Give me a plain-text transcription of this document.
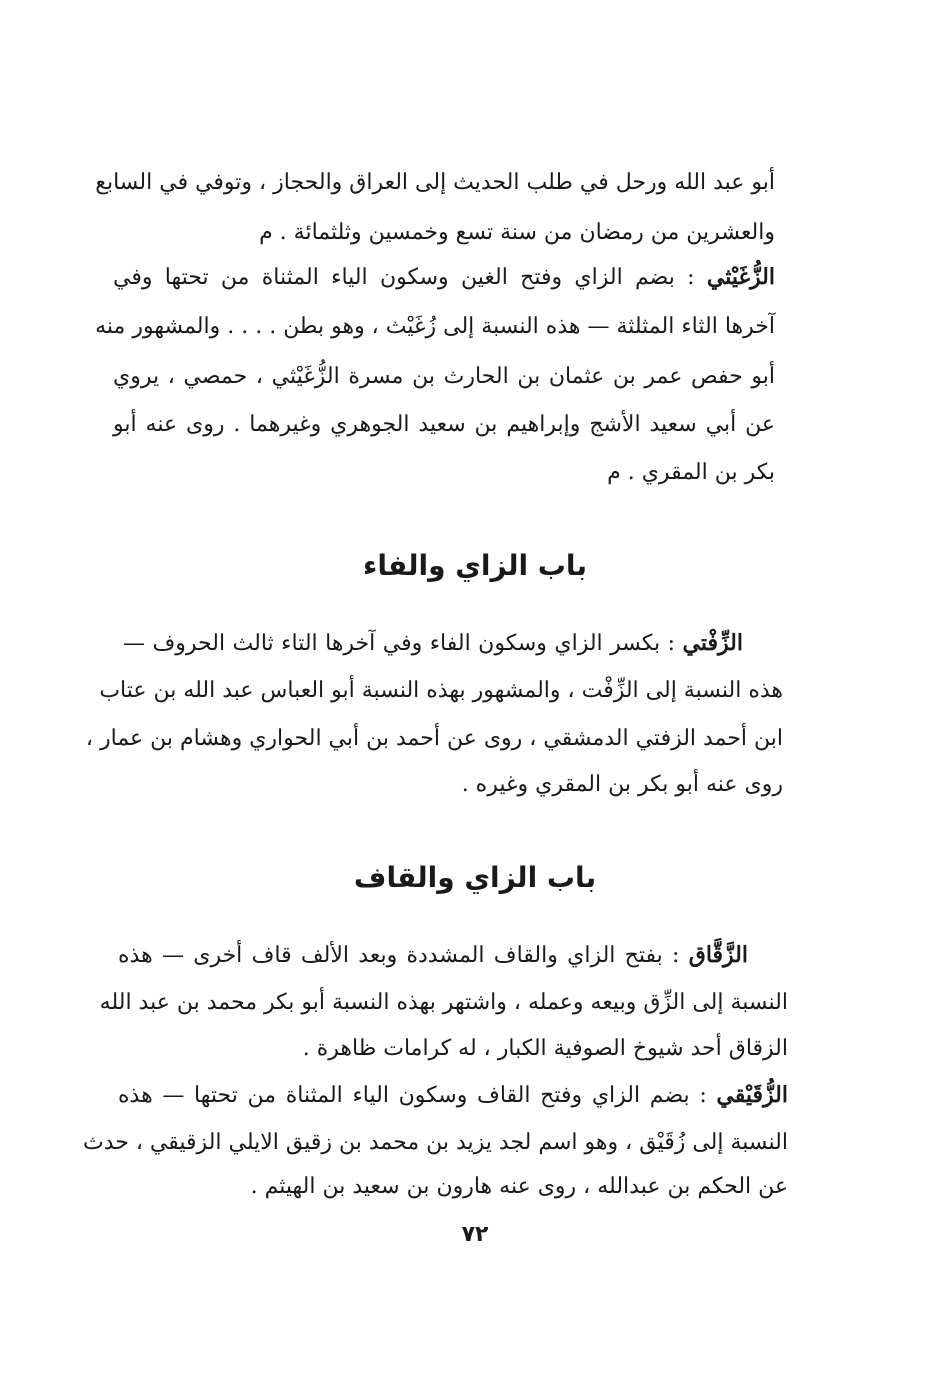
أبو عبد الله ورحل في طلب الحديث إلى العراق والحجاز ، وتوفي في السابع
والعشرين من رمضان من سنة تسع وخمسين وثلثمائة . م
الزُّغَيْثي : بضم الزاي وفتح الغين وسكون الياء المثناة من تحتها وفي
آخرها الثاء المثلثة — هذه النسبة إلى زُغَيْث ، وهو بطن . . . . والمشهور منه
أبو حفص عمر بن عثمان بن الحارث بن مسرة الزُّغَيْثي ، حمصي ، يروي
عن أبي سعيد الأشج وإبراهيم بن سعيد الجوهري وغيرهما . روى عنه أبو
بكر بن المقري . م
باب الزاي والفاء
الزِّفْتي : بكسر الزاي وسكون الفاء وفي آخرها التاء ثالث الحروف —
هذه النسبة إلى الزِّفْت ، والمشهور بهذه النسبة أبو العباس عبد الله بن عتاب
ابن أحمد الزفتي الدمشقي ، روى عن أحمد بن أبي الحواري وهشام بن عمار ،
روى عنه أبو بكر بن المقري وغيره .
باب الزاي والقاف
الزَّقَّاق : بفتح الزاي والقاف المشددة وبعد الألف قاف أخرى — هذه
النسبة إلى الزِّق وبيعه وعمله ، واشتهر بهذه النسبة أبو بكر محمد بن عبد الله
الزقاق أحد شيوخ الصوفية الكبار ، له كرامات ظاهرة .
الزُّقَيْقي : بضم الزاي وفتح القاف وسكون الياء المثناة من تحتها — هذه
النسبة إلى زُقَيْق ، وهو اسم لجد يزيد بن محمد بن زقيق الايلي الزقيقي ، حدث
عن الحكم بن عبدالله ، روى عنه هارون بن سعيد بن الهيثم .
٧٢
